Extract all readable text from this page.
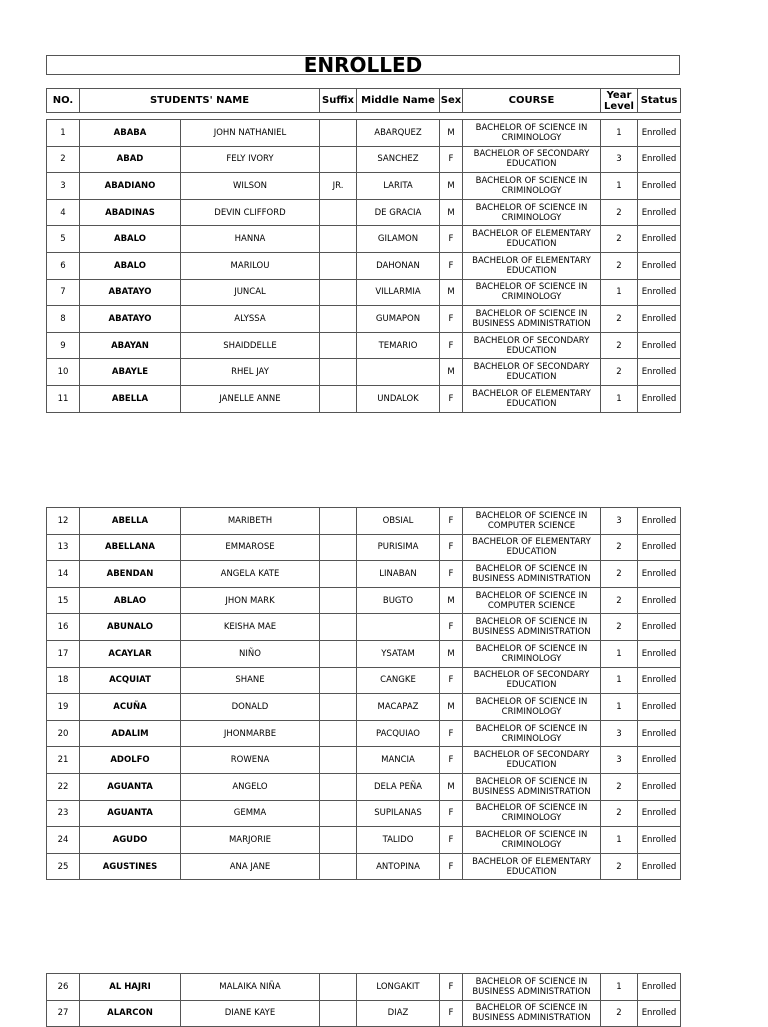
ENROLLED
NO.	STUDENTS' NAME	Suffix	Middle Name	Sex	COURSE	Year Level	Status
1	ABABA	JOHN NATHANIEL		ABARQUEZ	M	BACHELOR OF SCIENCE IN CRIMINOLOGY	1	Enrolled
2	ABAD	FELY IVORY		SANCHEZ	F	BACHELOR OF SECONDARY EDUCATION	3	Enrolled
3	ABADIANO	WILSON	JR.	LARITA	M	BACHELOR OF SCIENCE IN CRIMINOLOGY	1	Enrolled
4	ABADINAS	DEVIN CLIFFORD		DE GRACIA	M	BACHELOR OF SCIENCE IN CRIMINOLOGY	2	Enrolled
5	ABALO	HANNA		GILAMON	F	BACHELOR OF ELEMENTARY EDUCATION	2	Enrolled
6	ABALO	MARILOU		DAHONAN	F	BACHELOR OF ELEMENTARY EDUCATION	2	Enrolled
7	ABATAYO	JUNCAL		VILLARMIA	M	BACHELOR OF SCIENCE IN CRIMINOLOGY	1	Enrolled
8	ABATAYO	ALYSSA		GUMAPON	F	BACHELOR OF SCIENCE IN BUSINESS ADMINISTRATION	2	Enrolled
9	ABAYAN	SHAIDDELLE		TEMARIO	F	BACHELOR OF SECONDARY EDUCATION	2	Enrolled
10	ABAYLE	RHEL JAY			M	BACHELOR OF SECONDARY EDUCATION	2	Enrolled
11	ABELLA	JANELLE ANNE		UNDALOK	F	BACHELOR OF ELEMENTARY EDUCATION	1	Enrolled
12	ABELLA	MARIBETH		OBSIAL	F	BACHELOR OF SCIENCE IN COMPUTER SCIENCE	3	Enrolled
13	ABELLANA	EMMAROSE		PURISIMA	F	BACHELOR OF ELEMENTARY EDUCATION	2	Enrolled
14	ABENDAN	ANGELA KATE		LINABAN	F	BACHELOR OF SCIENCE IN BUSINESS ADMINISTRATION	2	Enrolled
15	ABLAO	JHON MARK		BUGTO	M	BACHELOR OF SCIENCE IN COMPUTER SCIENCE	2	Enrolled
16	ABUNALO	KEISHA MAE			F	BACHELOR OF SCIENCE IN BUSINESS ADMINISTRATION	2	Enrolled
17	ACAYLAR	NIÑO		YSATAM	M	BACHELOR OF SCIENCE IN CRIMINOLOGY	1	Enrolled
18	ACQUIAT	SHANE		CANGKE	F	BACHELOR OF SECONDARY EDUCATION	1	Enrolled
19	ACUÑA	DONALD		MACAPAZ	M	BACHELOR OF SCIENCE IN CRIMINOLOGY	1	Enrolled
20	ADALIM	JHONMARBE		PACQUIAO	F	BACHELOR OF SCIENCE IN CRIMINOLOGY	3	Enrolled
21	ADOLFO	ROWENA		MANCIA	F	BACHELOR OF SECONDARY EDUCATION	3	Enrolled
22	AGUANTA	ANGELO		DELA PEÑA	M	BACHELOR OF SCIENCE IN BUSINESS ADMINISTRATION	2	Enrolled
23	AGUANTA	GEMMA		SUPILANAS	F	BACHELOR OF SCIENCE IN CRIMINOLOGY	2	Enrolled
24	AGUDO	MARJORIE		TALIDO	F	BACHELOR OF SCIENCE IN CRIMINOLOGY	1	Enrolled
25	AGUSTINES	ANA JANE		ANTOPINA	F	BACHELOR OF ELEMENTARY EDUCATION	2	Enrolled
26	AL HAJRI	MALAIKA NIÑA		LONGAKIT	F	BACHELOR OF SCIENCE IN BUSINESS ADMINISTRATION	1	Enrolled
27	ALARCON	DIANE KAYE		DIAZ	F	BACHELOR OF SCIENCE IN BUSINESS ADMINISTRATION	2	Enrolled
